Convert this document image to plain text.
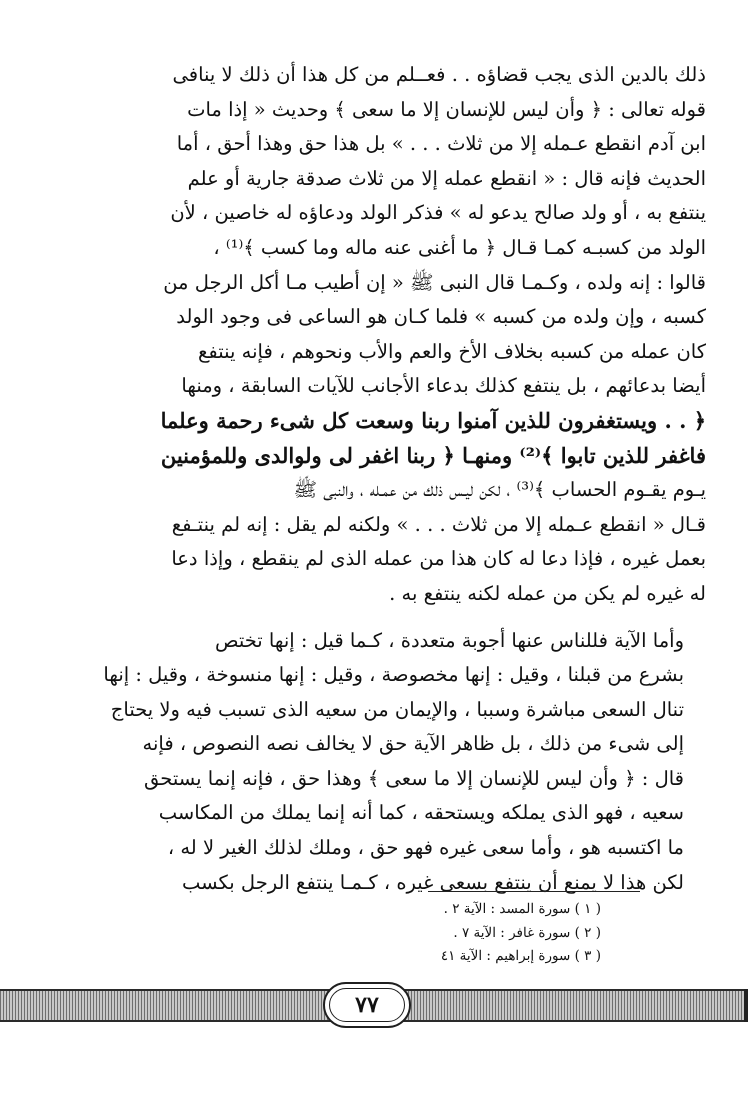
ذلك بالدين الذى يجب قضاؤه . . فعــلم من كل هذا أن ذلك لا ينافى
قوله تعالى : ﴿ وأن ليس للإنسان إلا ما سعى ﴾ وحديث « إذا مات
ابن آدم انقطع عـمله إلا من ثلاث . . . » بل هذا حق وهذا أحق ، أما
الحديث فإنه قال : « انقطع عمله إلا من ثلاث صدقة جارية أو علم
ينتفع به ، أو ولد صالح يدعو له » فذكر الولد ودعاؤه له خاصين ، لأن
الولد من كسبـه كمـا قـال ﴿ ما أغنى عنه ماله وما كسب ﴾⁽¹⁾ ،
قالوا : إنه ولده ، وكـمـا قال النبى ﷺ « إن أطيب مـا أكل الرجل من
كسبه ، وإن ولده من كسبه » فلما كـان هو الساعى فى وجود الولد
كان عمله من كسبه بخلاف الأخ والعم والأب ونحوهم ، فإنه ينتفع
أيضا بدعائهم ، بل ينتفع كذلك بدعاء الأجانب للآيات السابقة ، ومنها
﴿ . . ويستغفرون للذين آمنوا ربنا وسعت كل شىء رحمة وعلما
فاغفر للذين تابوا ﴾⁽²⁾ ومنهـا ﴿ ربنا اغفر لى ولوالدى وللمؤمنين
يـوم يقـوم الحساب ﴾⁽³⁾ ، لكن ليـس ذلك من عمـله ، والنبى ﷺ
قـال « انقطع عـمله إلا من ثلاث . . . » ولكنه لم يقل : إنه لم ينتـفع
بعمل غيره ، فإذا دعا له كان هذا من عمله الذى لم ينقطع ، وإذا دعا
له غيره لم يكن من عمله لكنه ينتفع به .

وأما الآية فللناس عنها أجوبة متعددة ، كـما قيل : إنها تختص
بشرع من قبلنا ، وقيل : إنها مخصوصة ، وقيل : إنها منسوخة ، وقيل : إنها
تنال السعى مباشرة وسببا ، والإيمان من سعيه الذى تسبب فيه ولا يحتاج
إلى شىء من ذلك ، بل ظاهر الآية حق لا يخالف نصه النصوص ، فإنه
قال : ﴿ وأن ليس للإنسان إلا ما سعى ﴾ وهذا حق ، فإنه إنما يستحق
سعيه ، فهو الذى يملكه ويستحقه ، كما أنه إنما يملك من المكاسب
ما اكتسبه هو ، وأما سعى غيره فهو حق ، وملك لذلك الغير لا له ،
لكن هذا لا يمنع أن ينتفع بسعى غيره ، كـمـا ينتفع الرجل بكسب

( ١ ) سورة المسد : الآية ٢ .
( ٢ ) سورة غافر : الآية ٧ .
( ٣ ) سورة إبراهيم : الآية ٤١
٧٧
